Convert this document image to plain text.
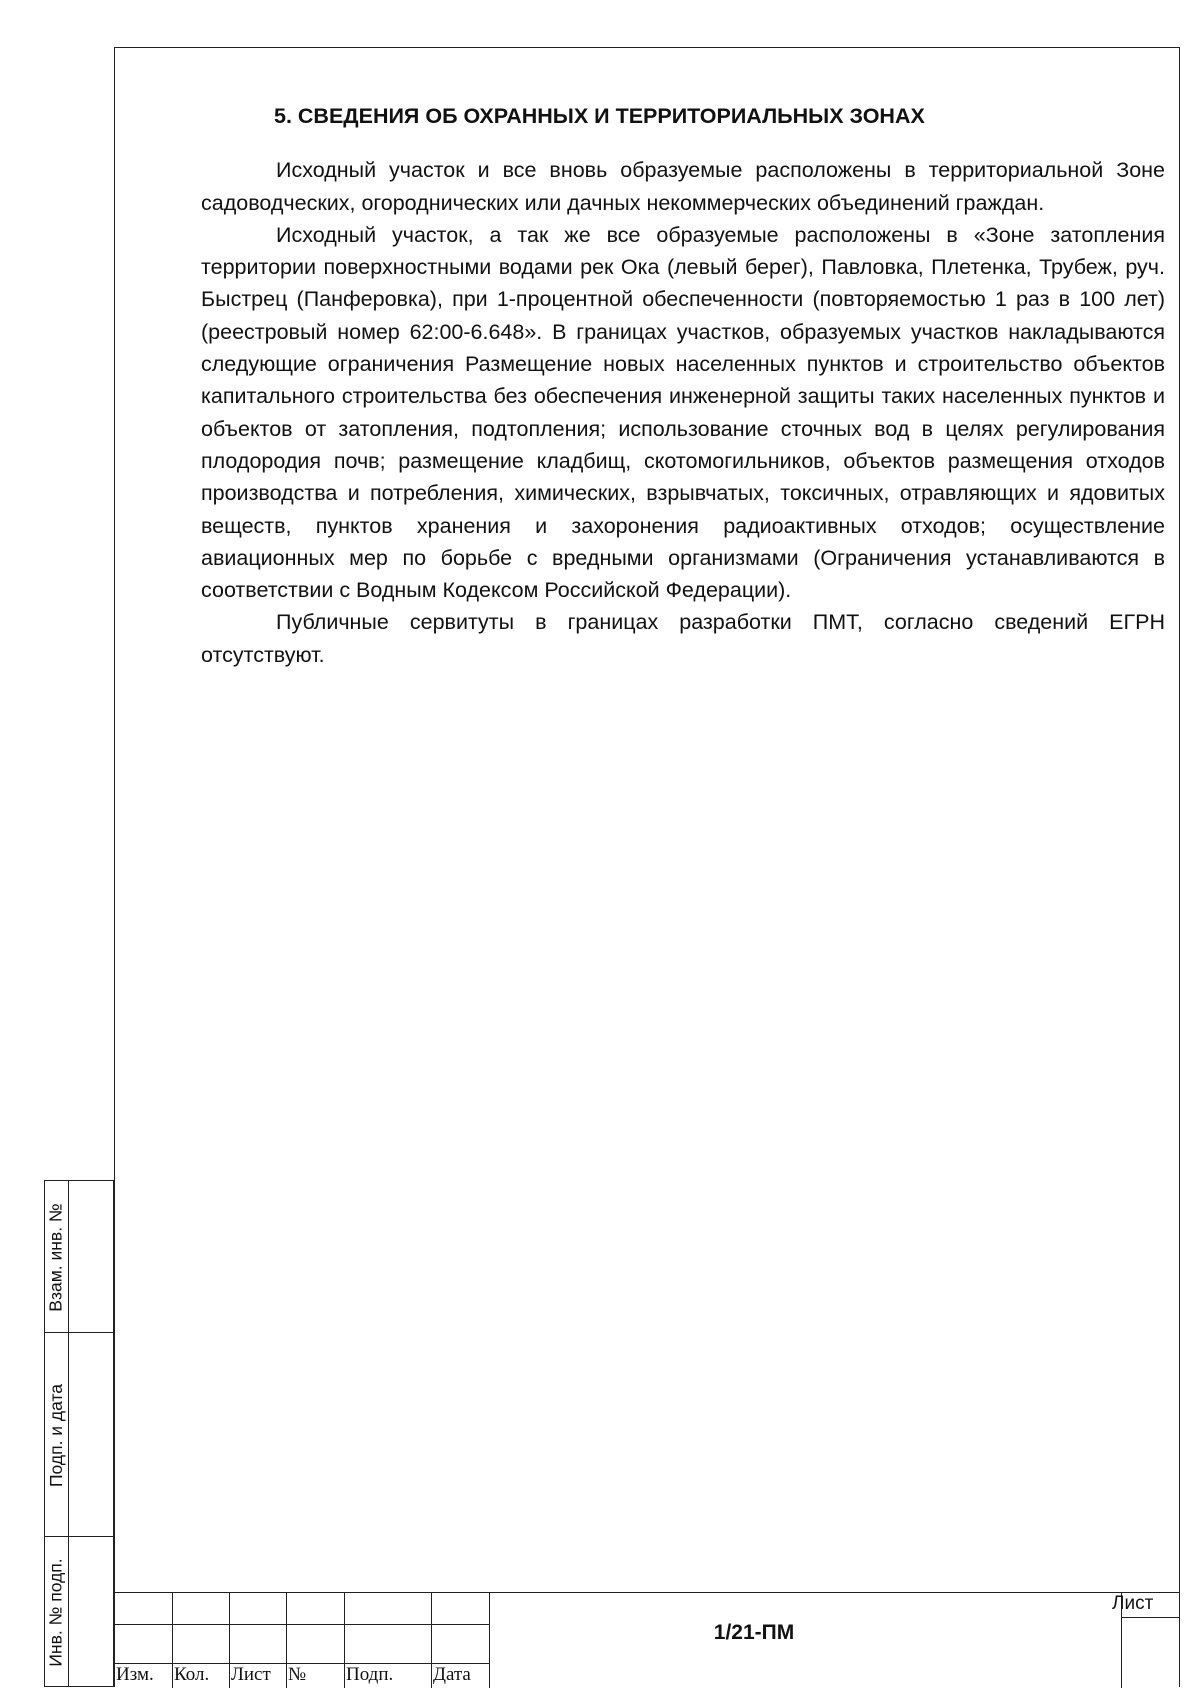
5. СВЕДЕНИЯ ОБ ОХРАННЫХ И ТЕРРИТОРИАЛЬНЫХ ЗОНАХ

Исходный участок и все вновь образуемые расположены в территориальной Зоне садоводческих, огороднических или дачных некоммерческих объединений граждан.

Исходный участок, а так же все образуемые расположены в «Зоне затопления территории поверхностными водами рек Ока (левый берег), Павловка, Плетенка, Трубеж, руч. Быстрец (Панферовка), при 1-процентной обеспеченности (повторяемостью 1 раз в 100 лет) (реестровый номер 62:00-6.648». В границах участков, образуемых участков накладываются следующие ограничения Размещение новых населенных пунктов и строительство объектов капитального строительства без обеспечения инженерной защиты таких населенных пунктов и объектов от затопления, подтопления; использование сточных вод в целях регулирования плодородия почв; размещение кладбищ, скотомогильников, объектов размещения отходов производства и потребления, химических, взрывчатых, токсичных, отравляющих и ядовитых веществ, пунктов хранения и захоронения радиоактивных отходов; осуществление авиационных мер по борьбе с вредными организмами (Ограничения устанавливаются в соответствии с Водным Кодексом Российской Федерации).

Публичные сервитуты в границах разработки ПМТ, согласно сведений ЕГРН отсутствуют.

Взам. инв. №
Подп. и дата
Инв. № подп.
Изм. Кол. Лист № Подп. Дата
1/21-ПМ
Лист
